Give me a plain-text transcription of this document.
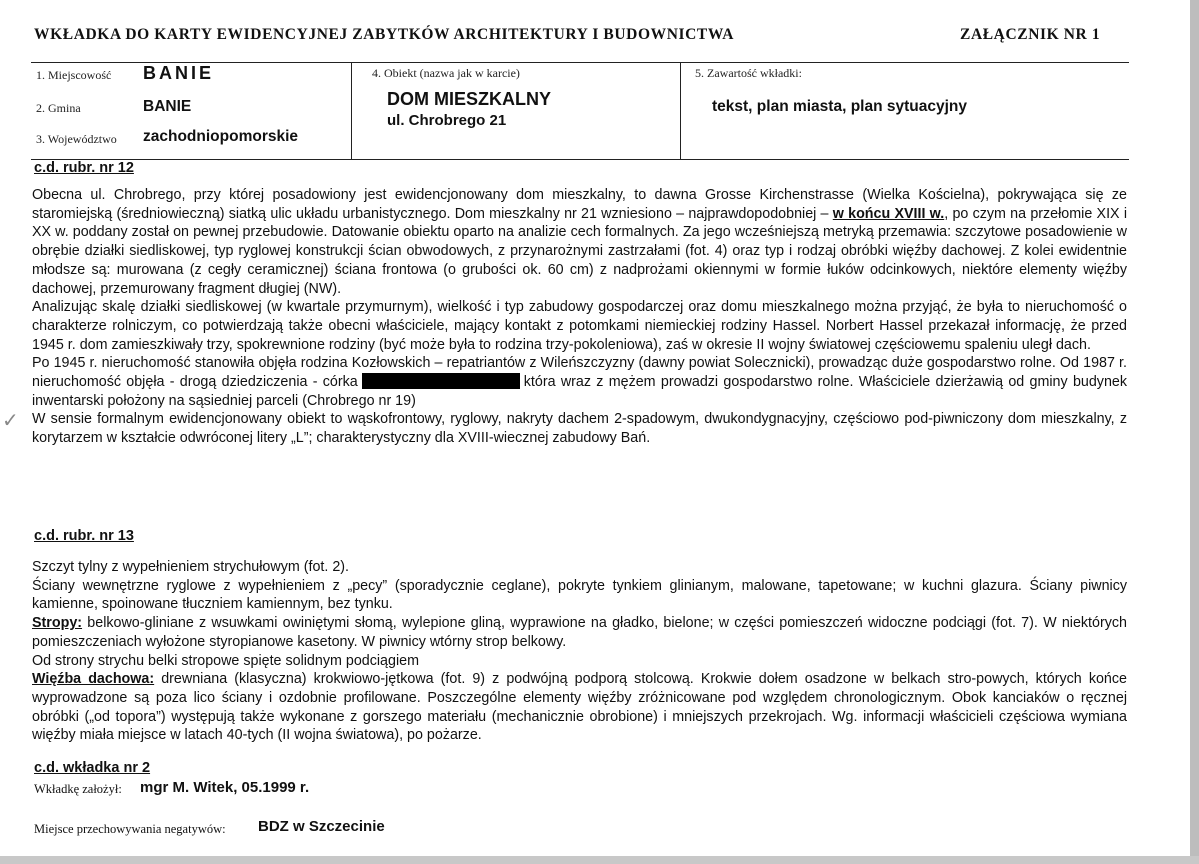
WKŁADKA DO KARTY EWIDENCYJNEJ ZABYTKÓW ARCHITEKTURY I BUDOWNICTWA	ZAŁĄCZNIK NR 1
1. Miejscowość BANIE
2. Gmina	BANIE
3. Województwo zachodniopomorskie
4. Obiekt (nazwa jak w karcie)
DOM MIESZKALNY
ul. Chrobrego 21
5. Zawartość wkładki:
tekst, plan miasta, plan sytuacyjny
c.d. rubr. nr 12

Obecna ul. Chrobrego, przy której posadowiony jest ewidencjonowany dom mieszkalny, to dawna Grosse Kirchenstrasse (Wielka Kościelna), pokrywająca się ze staromiejską (średniowieczną) siatką ulic układu urbanistycznego. Dom mieszkalny nr 21 wzniesiono – najprawdopodobniej – w końcu XVIII w., po czym na przełomie XIX i XX w. poddany został on pewnej przebudowie. Datowanie obiektu oparto na analizie cech formalnych. Za jego wcześniejszą metryką przemawia: szczytowe posadowienie w obrębie działki siedliskowej, typ ryglowej konstrukcji ścian obwodowych, z przynarożnymi zastrzałami (fot. 4) oraz typ i rodzaj obróbki więźby dachowej. Z kolei ewidentnie młodsze są: murowana (z cegły ceramicznej) ściana frontowa (o grubości ok. 60 cm) z nadprożami okiennymi w formie łuków odcinkowych, niektóre elementy więźby dachowej, przemurowany fragment długiej (NW).

Analizując skalę działki siedliskowej (w kwartale przymurnym), wielkość i typ zabudowy gospodarczej oraz domu mieszkalnego można przyjąć, że była to nieruchomość o charakterze rolniczym, co potwierdzają także obecni właściciele, mający kontakt z potomkami niemieckiej rodziny Hassel. Norbert Hassel przekazał informację, że przed 1945 r. dom zamieszkiwały trzy, spokrewnione rodziny (być może była to rodzina trzy-pokoleniowa), zaś w okresie II wojny światowej częściowemu spaleniu uległ dach.

Po 1945 r. nieruchomość stanowiła objęła rodzina Kozłowskich – repatriantów z Wileńszczyzny (dawny powiat Solecznicki), prowadząc duże gospodarstwo rolne. Od 1987 r. nieruchomość objęła - drogą dziedziczenia - córka	która wraz z mężem prowadzi gospodarstwo rolne. Właściciele dzierżawią od gminy budynek inwentarski położony na sąsiedniej parceli (Chrobrego nr 19)

W sensie formalnym ewidencjonowany obiekt to wąskofrontowy, ryglowy, nakryty dachem 2-spadowym, dwukondygnacyjny, częściowo pod-piwniczony dom mieszkalny, z korytarzem w kształcie odwróconej litery „L”; charakterystyczny dla XVIII-wiecznej zabudowy Bań.

✓
c.d. rubr. nr 13

Szczyt tylny z wypełnieniem strychułowym (fot. 2).

Ściany wewnętrzne ryglowe z wypełnieniem z „pecy” (sporadycznie ceglane), pokryte tynkiem glinianym, malowane, tapetowane; w kuchni glazura. Ściany piwnicy kamienne, spoinowane tłuczniem kamiennym, bez tynku.

Stropy: belkowo-gliniane z wsuwkami owiniętymi słomą, wylepione gliną, wyprawione na gładko, bielone; w części pomieszczeń widoczne podciągi (fot. 7). W niektórych pomieszczeniach wyłożone styropianowe kasetony. W piwnicy wtórny strop belkowy.

Od strony strychu belki stropowe spięte solidnym podciągiem

Więźba dachowa: drewniana (klasyczna) krokwiowo-jętkowa (fot. 9) z podwójną podporą stolcową. Krokwie dołem osadzone w belkach stro-powych, których końce wyprowadzone są poza lico ściany i ozdobnie profilowane. Poszczególne elementy więźby zróżnicowane pod względem chronologicznym. Obok kanciaków o ręcznej obróbki („od topora”) występują także wykonane z gorszego materiału (mechanicznie obrobione) i mniejszych przekrojach. Wg. informacji właścicieli częściowa wymiana więźby miała miejsce w latach 40-tych (II wojna światowa), po pożarze.

c.d. wkładka nr 2
Wkładkę założył: mgr M. Witek, 05.1999 r.
Miejsce przechowywania negatywów: BDZ w Szczecinie
